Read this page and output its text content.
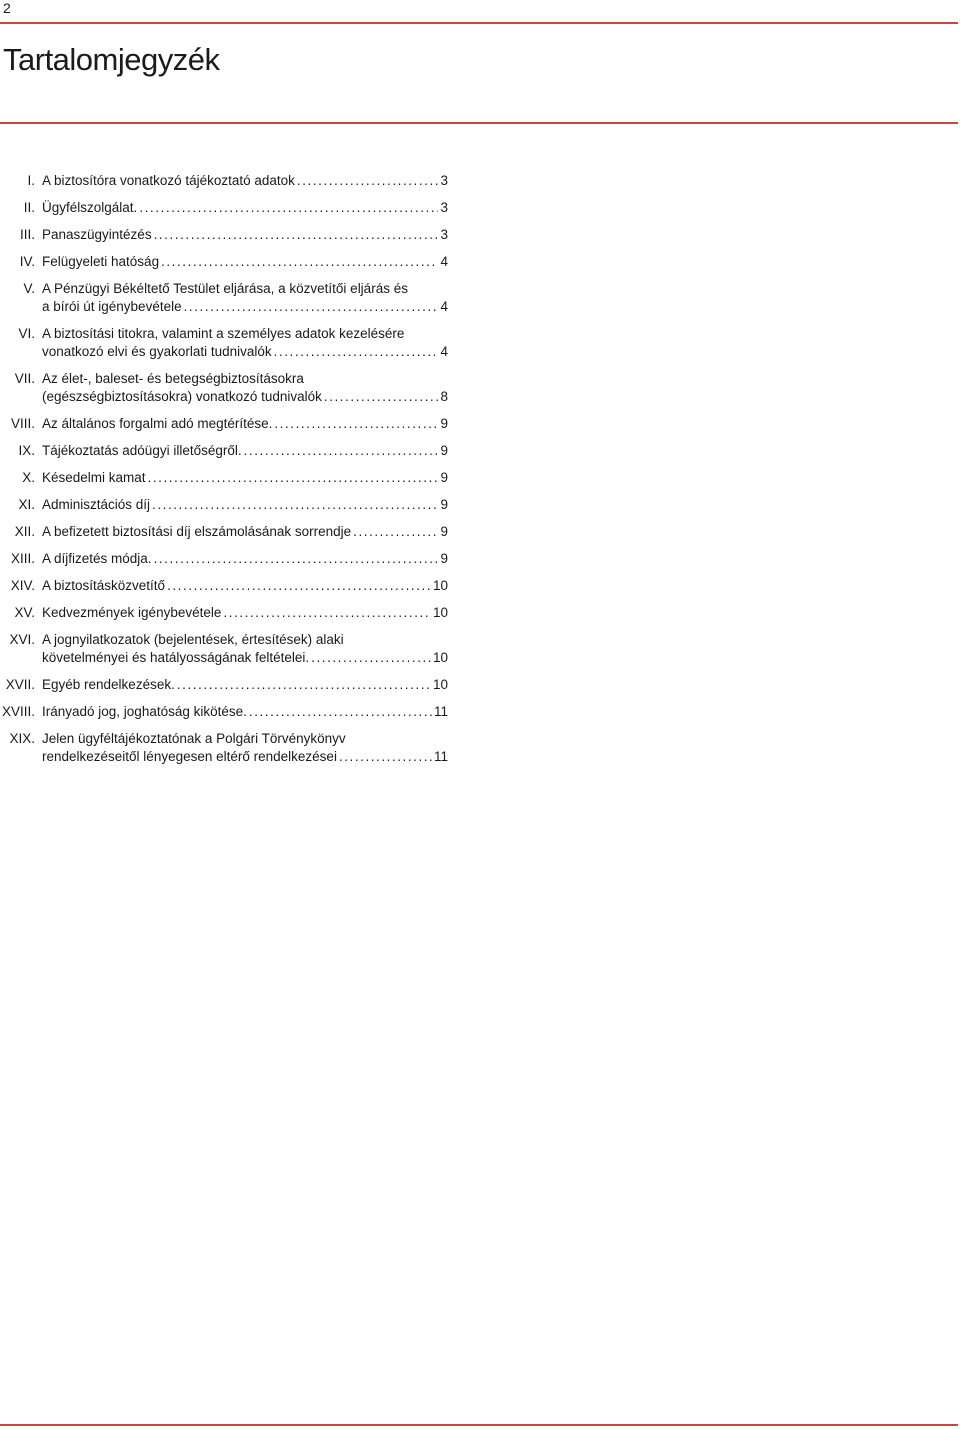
2
Tartalomjegyzék
I. A biztosítóra vonatkozó tájékoztató adatok . . .	3
II. Ügyfélszolgálat. . . .	3
III. Panaszügyintézés . . .	3
IV. Felügyeleti hatóság . . .	4
V. A Pénzügyi Békéltető Testület eljárása, a közvetítői eljárás és
a bírói út igénybevétele . . .	4
VI. A biztosítási titokra, valamint a személyes adatok kezelésére
vonatkozó elvi és gyakorlati tudnivalók . . .	4
VII. Az élet-, baleset- és betegségbiztosításokra
(egészségbiztosításokra) vonatkozó tudnivalók . . .	8
VIII. Az általános forgalmi adó megtérítése. . . .	9
IX. Tájékoztatás adóügyi illetőségről. . . .	9
X. Késedelmi kamat . . .	9
XI. Adminisztációs díj . . .	9
XII. A befizetett biztosítási díj elszámolásának sorrendje . . .	9
XIII. A díjfizetés módja. . . .	9
XIV. A biztosításközvetítő . . .	10
XV. Kedvezmények igénybevétele . . .	10
XVI. A jognyilatkozatok (bejelentések, értesítések) alaki
követelményei és hatályosságának feltételei. . . .	10
XVII. Egyéb rendelkezések. . . .	10
XVIII. Irányadó jog, joghatóság kikötése. . . .	11
XIX. Jelen ügyféltájékoztatónak a Polgári Törvénykönyv
rendelkezéseitől lényegesen eltérő rendelkezései . . .	11
